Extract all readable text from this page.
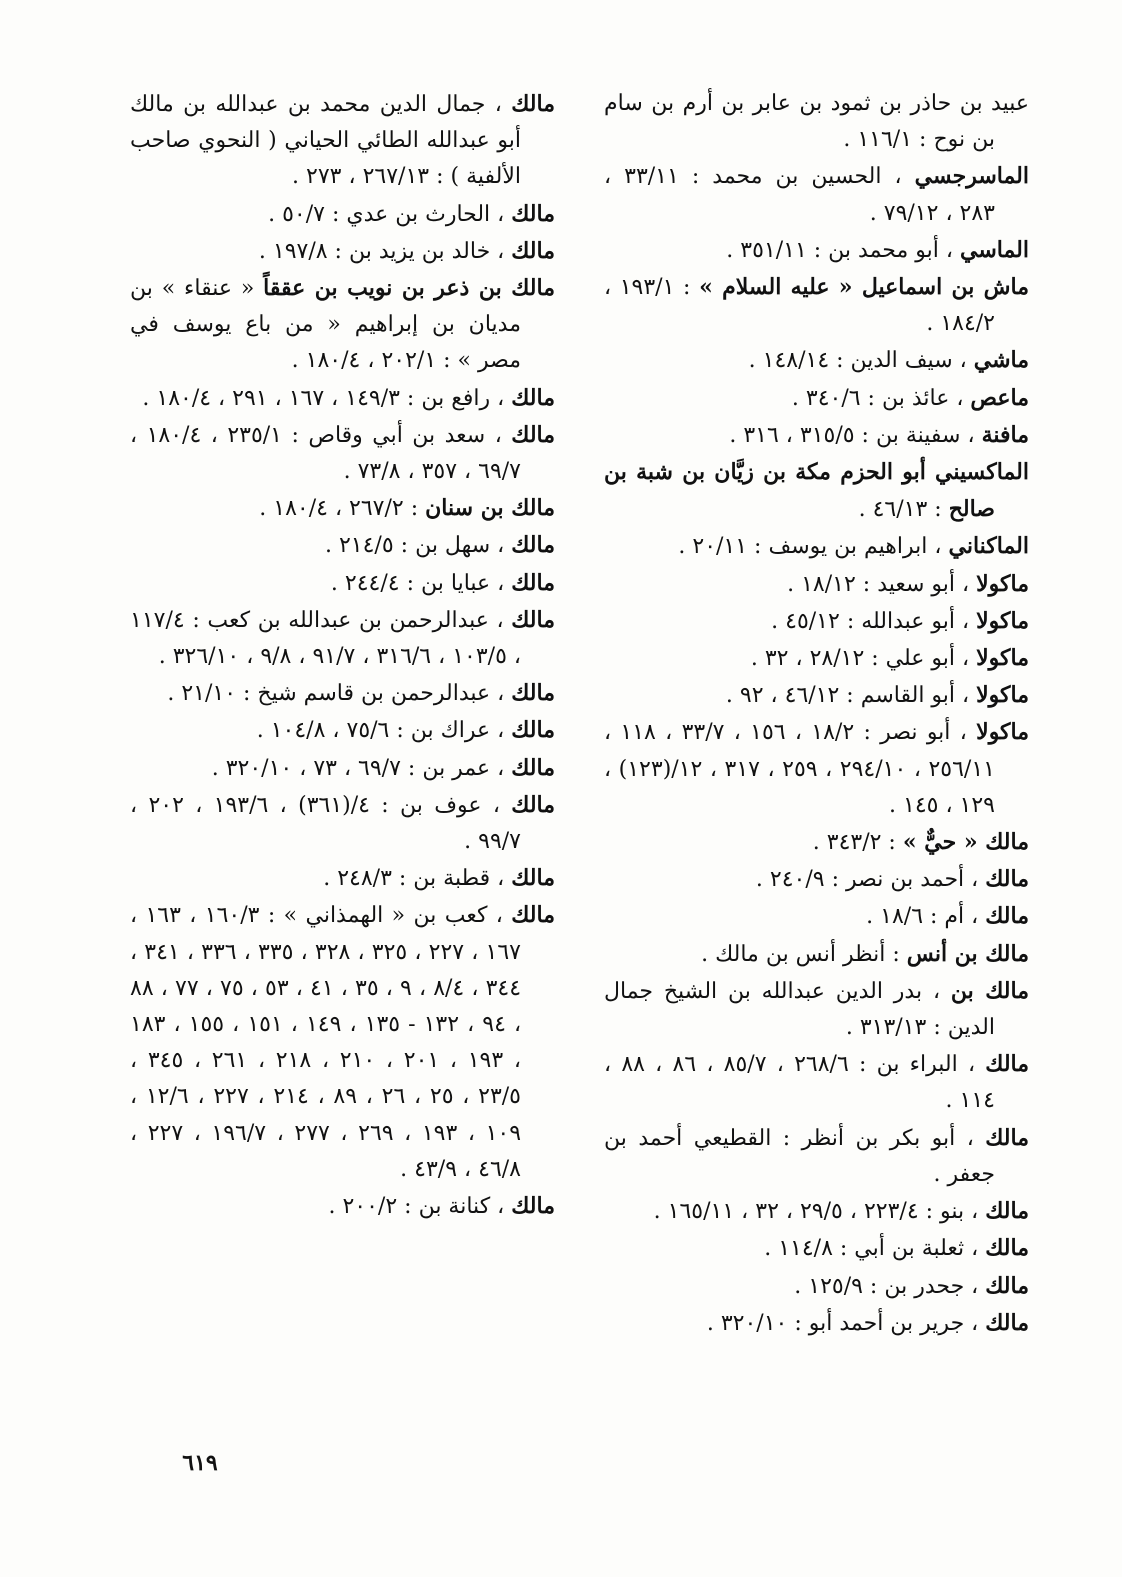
عبيد بن حاذر بن ثمود بن عابر بن أرم بن سام بن نوح : ١١٦/١ .

الماسرجسي ، الحسين بن محمد : ٣٣/١١ ، ٢٨٣ ، ٧٩/١٢ .

الماسي ، أبو محمد بن : ٣٥١/١١ .

ماش بن اسماعيل « عليه السلام » : ١٩٣/١ ، ١٨٤/٢ .

ماشي ، سيف الدين : ١٤٨/١٤ .

ماعص ، عائذ بن : ٣٤٠/٦ .

مافنة ، سفينة بن : ٣١٥/٥ ، ٣١٦ .

الماكسيني أبو الحزم مكة بن زيَّان بن شبة بن صالح : ٤٦/١٣ .

الماكناني ، ابراهيم بن يوسف : ٢٠/١١ .

ماكولا ، أبو سعيد : ١٨/١٢ .

ماكولا ، أبو عبدالله : ٤٥/١٢ .

ماكولا ، أبو علي : ٢٨/١٢ ، ٣٢ .

ماكولا ، أبو القاسم : ٤٦/١٢ ، ٩٢ .

ماكولا ، أبو نصر : ١٨/٢ ، ١٥٦ ، ٣٣/٧ ، ١١٨ ، ٢٥٦/١١ ، ٢٩٤/١٠ ، ٢٥٩ ، ٣١٧ ، ١٢/(١٢٣) ، ١٢٩ ، ١٤٥ .

مالك « حيٌّ » : ٣٤٣/٢ .

مالك ، أحمد بن نصر : ٢٤٠/٩ .

مالك ، أم : ١٨/٦ .

مالك بن أنس : أنظر أنس بن مالك .

مالك بن ، بدر الدين عبدالله بن الشيخ جمال الدين : ٣١٣/١٣ .

مالك ، البراء بن : ٢٦٨/٦ ، ٨٥/٧ ، ٨٦ ، ٨٨ ، ١١٤ .

مالك ، أبو بكر بن أنظر : القطيعي أحمد بن جعفر .

مالك ، بنو : ٢٢٣/٤ ، ٢٩/٥ ، ٣٢ ، ١٦٥/١١ .

مالك ، ثعلبة بن أبي : ١١٤/٨ .

مالك ، جحدر بن : ١٢٥/٩ .

مالك ، جرير بن أحمد أبو : ٣٢٠/١٠ .

مالك ، جمال الدين محمد بن عبدالله بن مالك أبو عبدالله الطائي الحياني ( النحوي صاحب الألفية ) : ٢٦٧/١٣ ، ٢٧٣ .

مالك ، الحارث بن عدي : ٥٠/٧ .

مالك ، خالد بن يزيد بن : ١٩٧/٨ .

مالك بن ذعر بن نويب بن عققاً « عنقاء » بن مديان بن إبراهيم « من باع يوسف في مصر » : ٢٠٢/١ ، ١٨٠/٤ .

مالك ، رافع بن : ١٤٩/٣ ، ١٦٧ ، ٢٩١ ، ١٨٠/٤ .

مالك ، سعد بن أبي وقاص : ٢٣٥/١ ، ١٨٠/٤ ، ٦٩/٧ ، ٣٥٧ ، ٧٣/٨ .

مالك بن سنان : ٢٦٧/٢ ، ١٨٠/٤ .

مالك ، سهل بن : ٢١٤/٥ .

مالك ، عبايا بن : ٢٤٤/٤ .

مالك ، عبدالرحمن بن عبدالله بن كعب : ١١٧/٤ ، ١٠٣/٥ ، ٣١٦/٦ ، ٩١/٧ ، ٩/٨ ، ٣٢٦/١٠ .

مالك ، عبدالرحمن بن قاسم شيخ : ٢١/١٠ .

مالك ، عراك بن : ٧٥/٦ ، ١٠٤/٨ .

مالك ، عمر بن : ٦٩/٧ ، ٧٣ ، ٣٢٠/١٠ .

مالك ، عوف بن : ٤/(٣٦١) ، ١٩٣/٦ ، ٢٠٢ ، ٩٩/٧ .

مالك ، قطبة بن : ٢٤٨/٣ .

مالك ، كعب بن « الهمذاني » : ١٦٠/٣ ، ١٦٣ ، ١٦٧ ، ٢٢٧ ، ٣٢٥ ، ٣٢٨ ، ٣٣٥ ، ٣٣٦ ، ٣٤١ ، ٣٤٤ ، ٨/٤ ، ٩ ، ٣٥ ، ٤١ ، ٥٣ ، ٧٥ ، ٧٧ ، ٨٨ ، ٩٤ ، ١٣٢ - ١٣٥ ، ١٤٩ ، ١٥١ ، ١٥٥ ، ١٨٣ ، ١٩٣ ، ٢٠١ ، ٢١٠ ، ٢١٨ ، ٢٦١ ، ٣٤٥ ، ٢٣/٥ ، ٢٥ ، ٢٦ ، ٨٩ ، ٢١٤ ، ٢٢٧ ، ١٢/٦ ، ١٠٩ ، ١٩٣ ، ٢٦٩ ، ٢٧٧ ، ١٩٦/٧ ، ٢٢٧ ، ٤٦/٨ ، ٤٣/٩ .

مالك ، كنانة بن : ٢٠٠/٢ .

٦١٩
